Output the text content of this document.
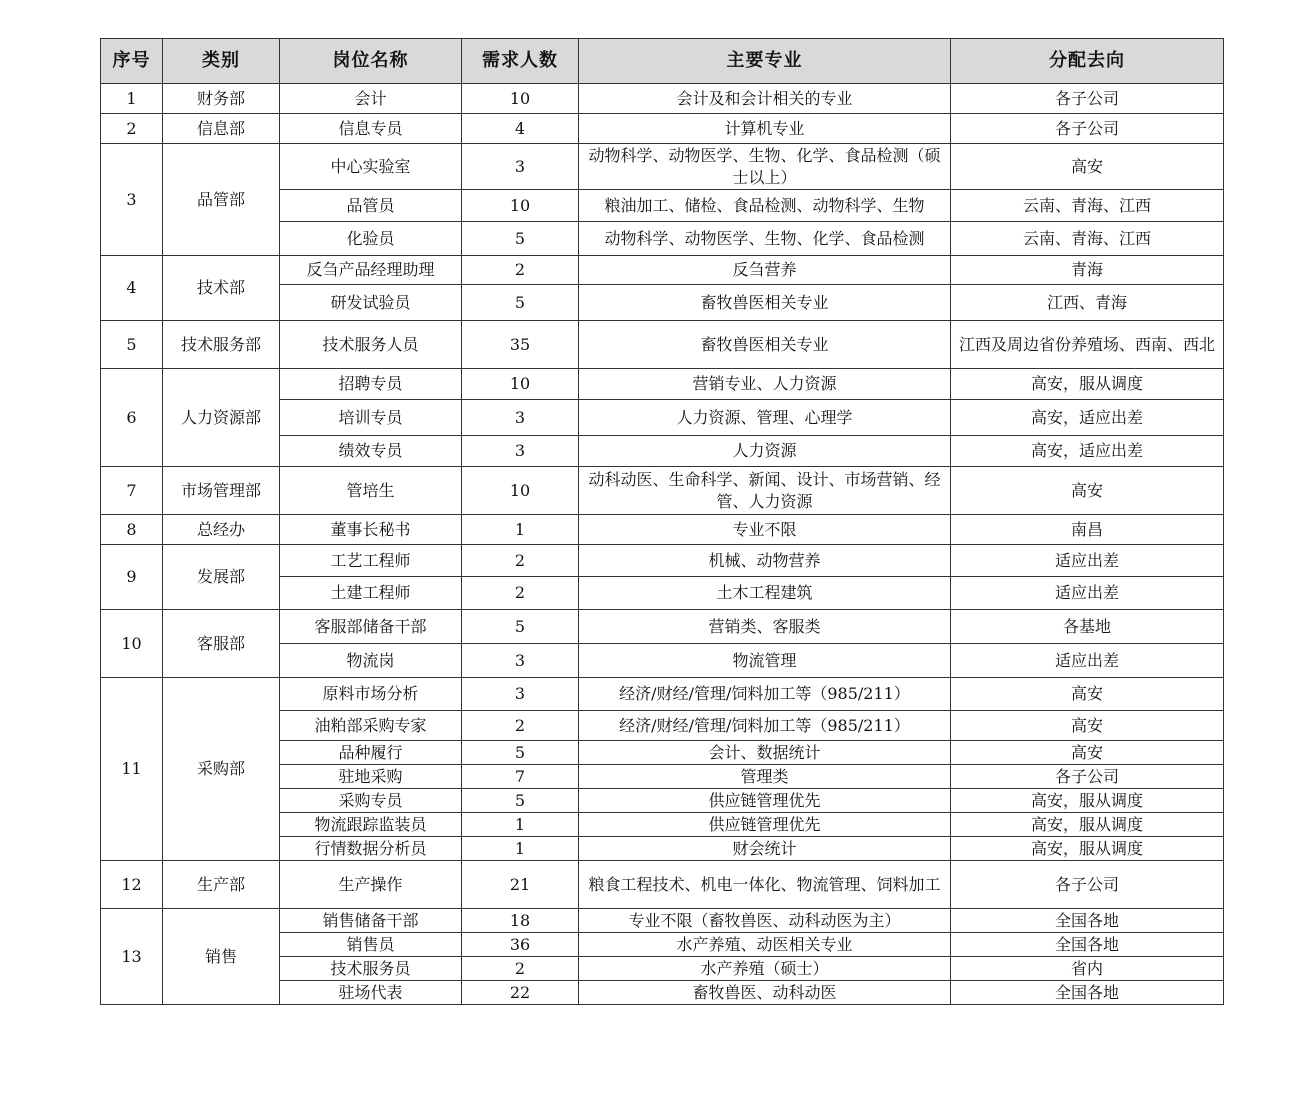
序号	类别	岗位名称	需求人数	主要专业	分配去向
1	财务部	会计	10	会计及和会计相关的专业	各子公司
2	信息部	信息专员	4	计算机专业	各子公司
3	品管部	中心实验室	3	动物科学、动物医学、生物、化学、食品检测（硕士以上）	高安
		品管员	10	粮油加工、储检、食品检测、动物科学、生物	云南、青海、江西
		化验员	5	动物科学、动物医学、生物、化学、食品检测	云南、青海、江西
4	技术部	反刍产品经理助理	2	反刍营养	青海
		研发试验员	5	畜牧兽医相关专业	江西、青海
5	技术服务部	技术服务人员	35	畜牧兽医相关专业	江西及周边省份养殖场、西南、西北
6	人力资源部	招聘专员	10	营销专业、人力资源	高安，服从调度
		培训专员	3	人力资源、管理、心理学	高安，适应出差
		绩效专员	3	人力资源	高安，适应出差
7	市场管理部	管培生	10	动科动医、生命科学、新闻、设计、市场营销、经管、人力资源	高安
8	总经办	董事长秘书	1	专业不限	南昌
9	发展部	工艺工程师	2	机械、动物营养	适应出差
		土建工程师	2	土木工程建筑	适应出差
10	客服部	客服部储备干部	5	营销类、客服类	各基地
		物流岗	3	物流管理	适应出差
11	采购部	原料市场分析	3	经济/财经/管理/饲料加工等（985/211）	高安
		油粕部采购专家	2	经济/财经/管理/饲料加工等（985/211）	高安
		品种履行	5	会计、数据统计	高安
		驻地采购	7	管理类	各子公司
		采购专员	5	供应链管理优先	高安，服从调度
		物流跟踪监装员	1	供应链管理优先	高安，服从调度
		行情数据分析员	1	财会统计	高安，服从调度
12	生产部	生产操作	21	粮食工程技术、机电一体化、物流管理、饲料加工	各子公司
13	销售	销售储备干部	18	专业不限（畜牧兽医、动科动医为主）	全国各地
		销售员	36	水产养殖、动医相关专业	全国各地
		技术服务员	2	水产养殖（硕士）	省内
		驻场代表	22	畜牧兽医、动科动医	全国各地
